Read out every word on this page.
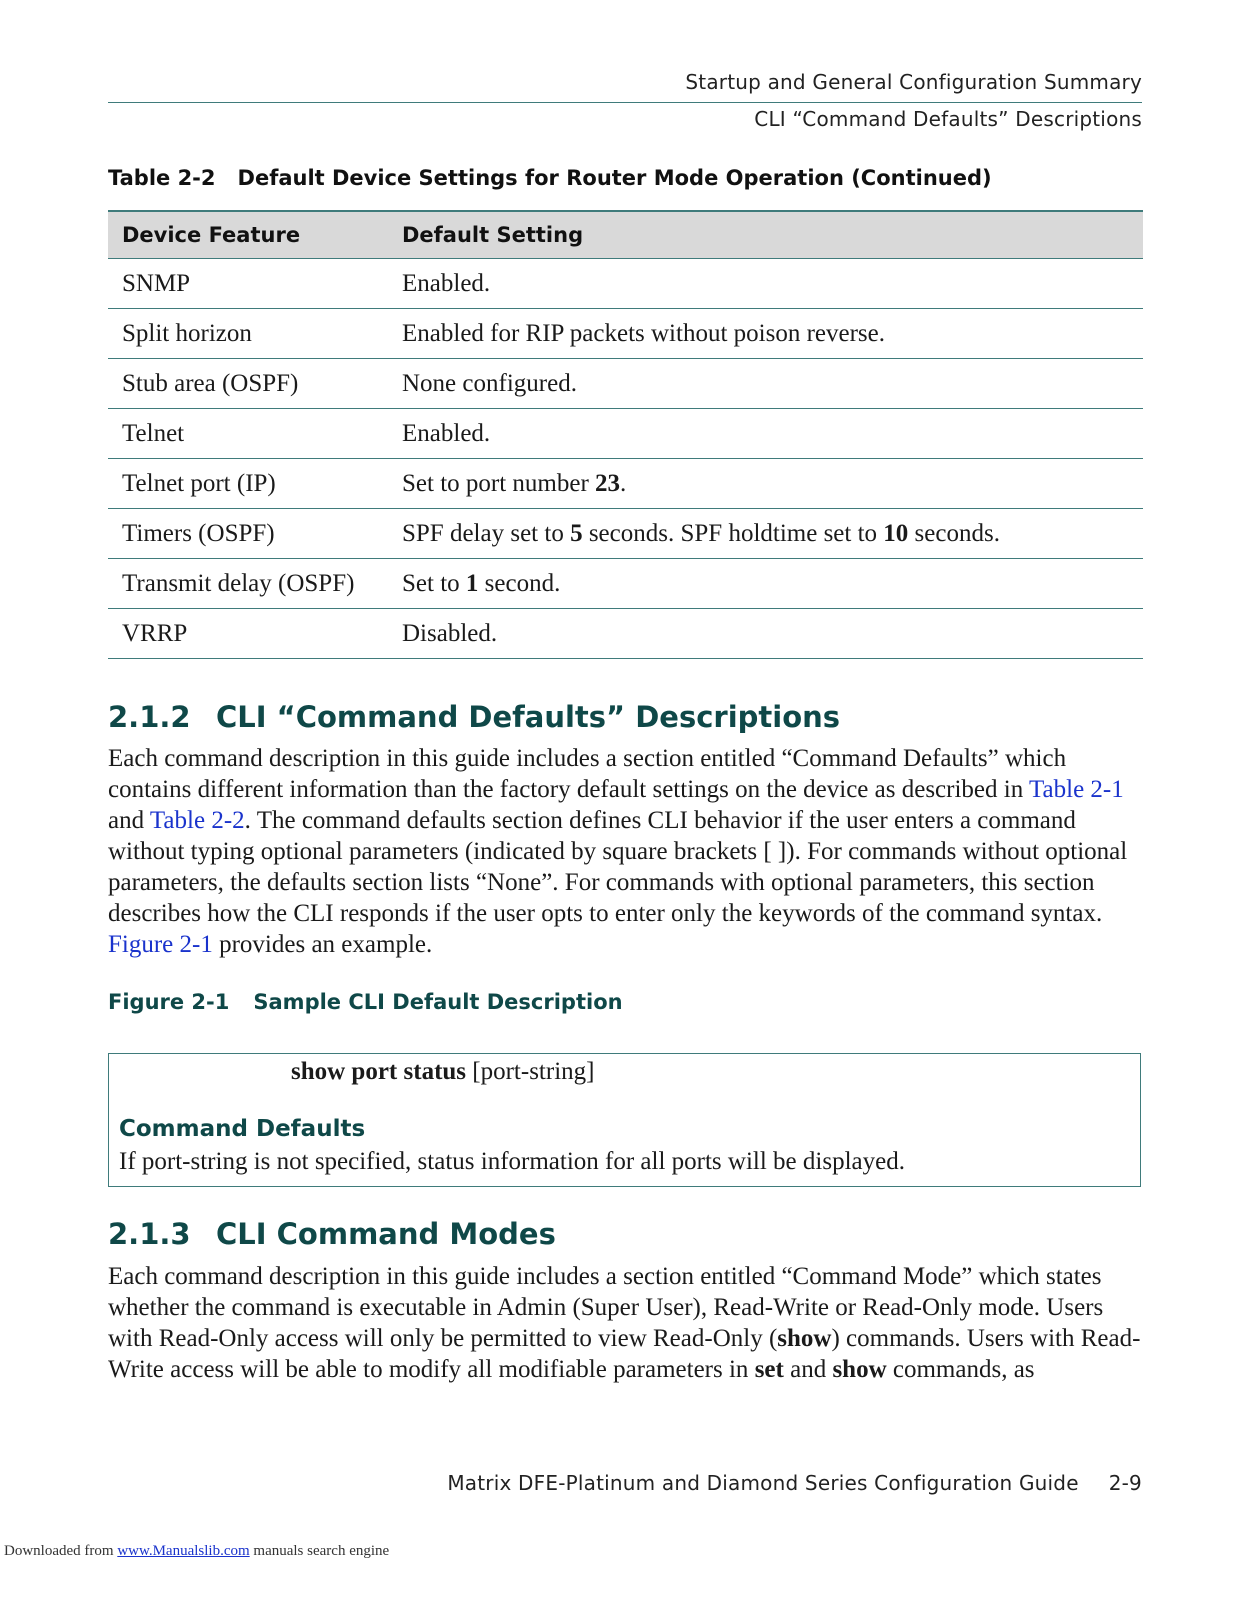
Startup and General Configuration Summary
CLI “Command Defaults” Descriptions
Table 2-2 Default Device Settings for Router Mode Operation (Continued)
Device Feature	Default Setting
SNMP	Enabled.
Split horizon	Enabled for RIP packets without poison reverse.
Stub area (OSPF)	None configured.
Telnet	Enabled.
Telnet port (IP)	Set to port number 23.
Timers (OSPF)	SPF delay set to 5 seconds. SPF holdtime set to 10 seconds.
Transmit delay (OSPF)	Set to 1 second.
VRRP	Disabled.
2.1.2 CLI “Command Defaults” Descriptions

Each command description in this guide includes a section entitled “Command Defaults” which contains different information than the factory default settings on the device as described in Table 2-1 and Table 2-2. The command defaults section defines CLI behavior if the user enters a command without typing optional parameters (indicated by square brackets [ ]). For commands without optional parameters, the defaults section lists “None”. For commands with optional parameters, this section describes how the CLI responds if the user opts to enter only the keywords of the command syntax. Figure 2-1 provides an example.

Figure 2-1 Sample CLI Default Description
show port status [port-string]
Command Defaults
If port-string is not specified, status information for all ports will be displayed.
2.1.3 CLI Command Modes

Each command description in this guide includes a section entitled “Command Mode” which states whether the command is executable in Admin (Super User), Read-Write or Read-Only mode. Users with Read-Only access will only be permitted to view Read-Only (show) commands. Users with Read-Write access will be able to modify all modifiable parameters in set and show commands, as

Matrix DFE-Platinum and Diamond Series Configuration Guide 2-9
Downloaded from www.Manualslib.com manuals search engine
